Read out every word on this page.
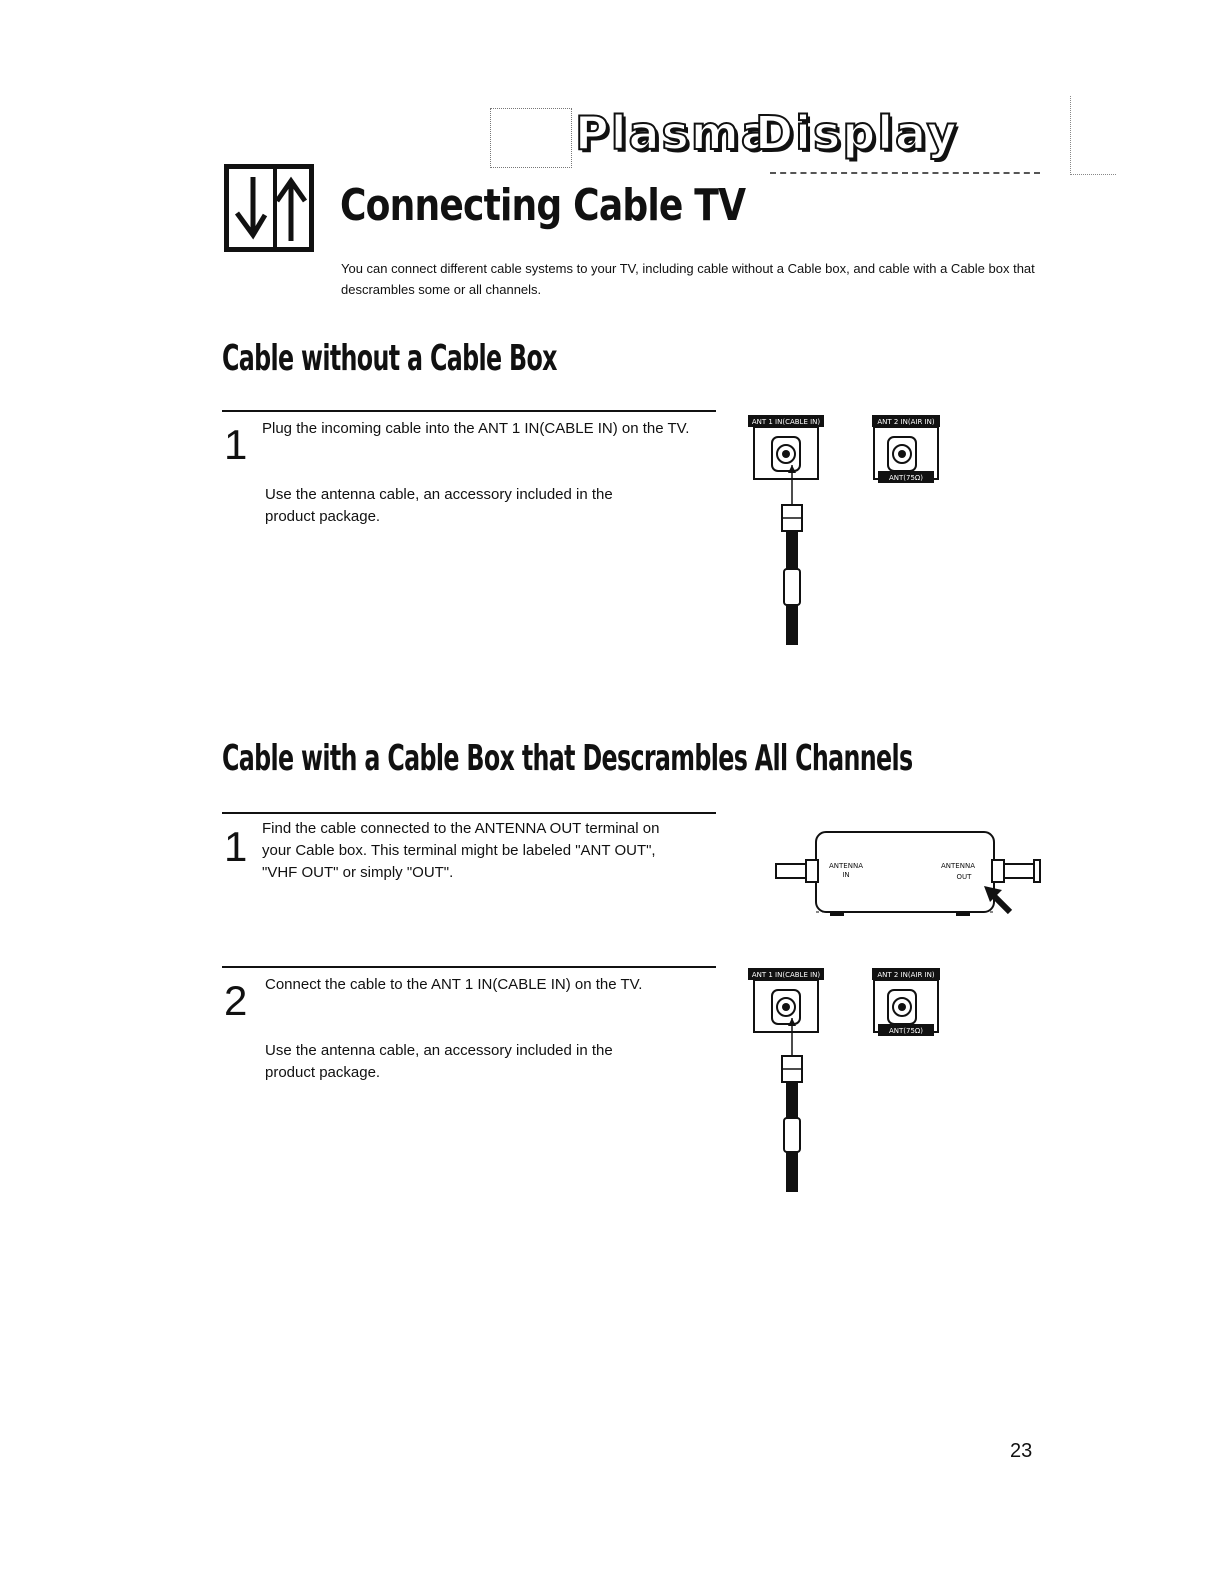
Plasma
Display
Connecting Cable TV
You can connect different cable systems to your TV, including cable without a Cable box, and cable with a Cable box that descrambles some or all channels.
Cable without a Cable Box
1 Plug the incoming cable into the ANT 1 IN(CABLE IN) on the TV.
Use the antenna cable, an accessory included in the product package.
ANT 1 IN(CABLE IN)	ANT 2 IN(AIR IN)
ANT(75Ω)
Cable with a Cable Box that Descrambles All Channels
1 Find the cable connected to the ANTENNA OUT terminal on your Cable box. This terminal might be labeled "ANT OUT", "VHF OUT" or simply "OUT".	ANTENNA
IN
ANTENNA
OUT
2 Connect the cable to the ANT 1 IN(CABLE IN) on the TV.
Use the antenna cable, an accessory included in the product package.
ANT 1 IN(CABLE IN)	ANT 2 IN(AIR IN)
ANT(75Ω)
23
